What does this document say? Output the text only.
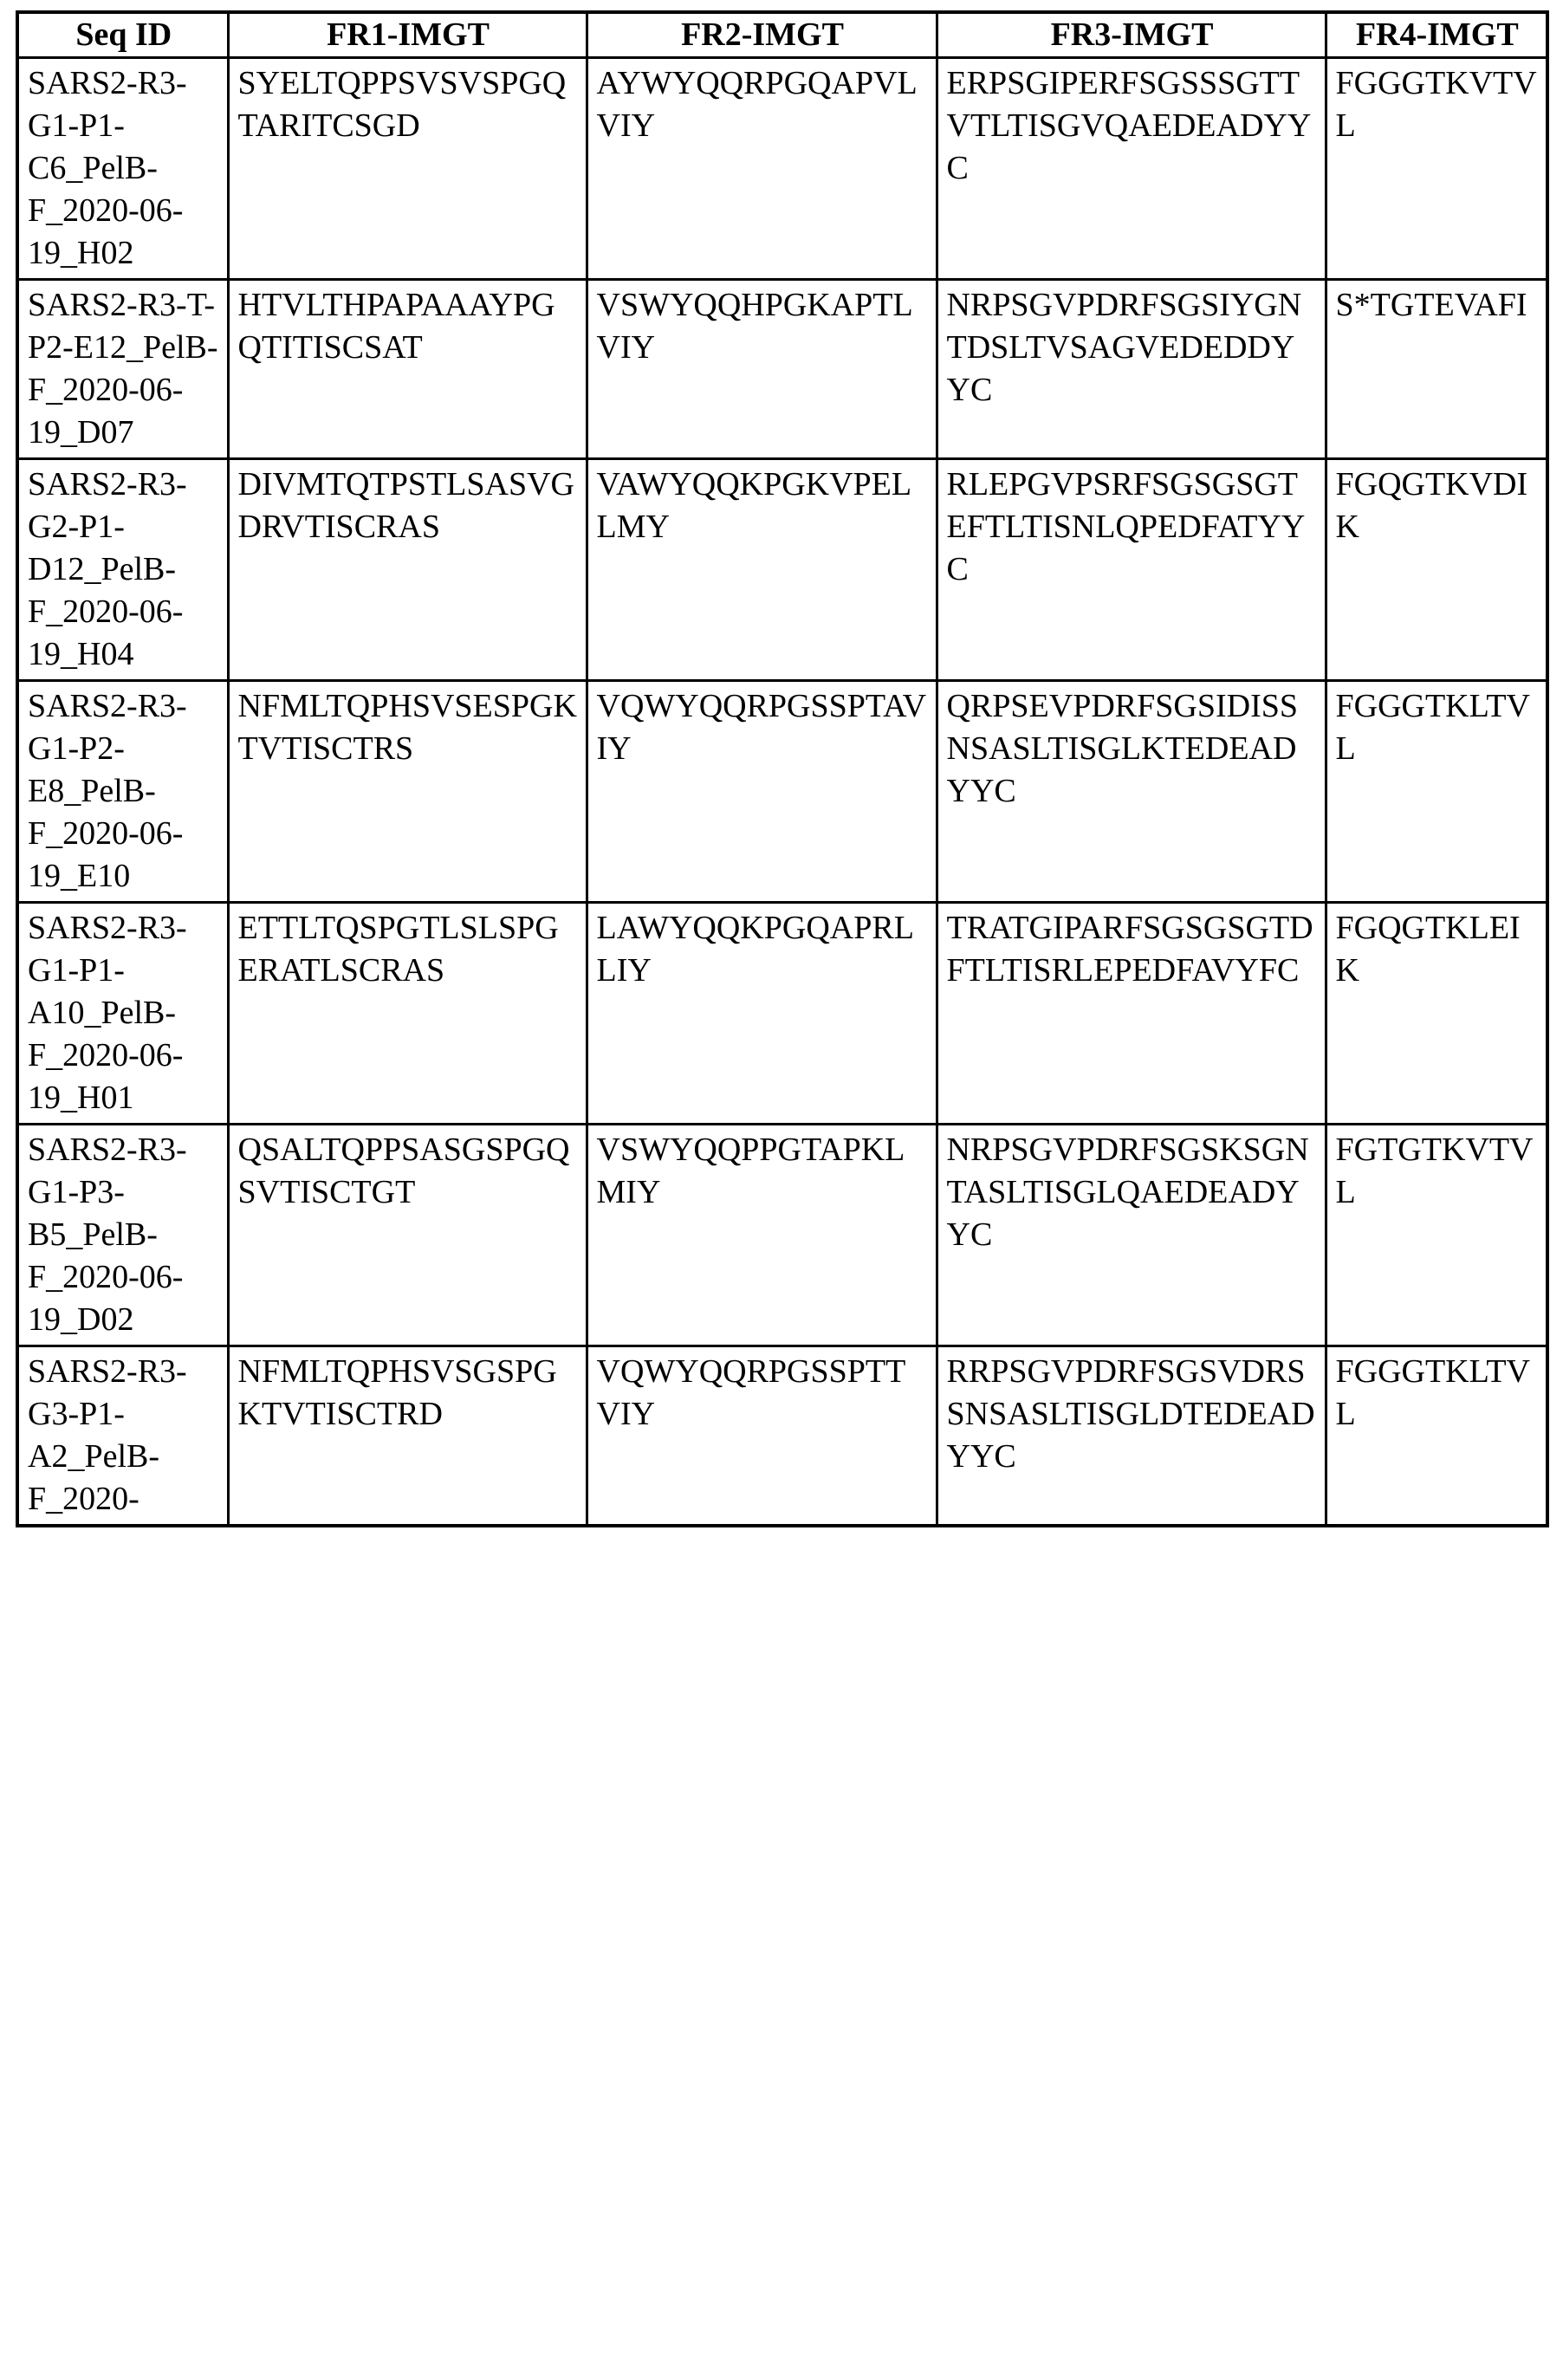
Seq ID	FR1-IMGT	FR2-IMGT	FR3-IMGT	FR4-IMGT
SARS2-R3-G1-P1-C6_PelB-F_2020-06-19_H02	SYELTQPPSVSVSPGQTARITCSGD	AYWYQQRPGQAPVLVIY	ERPSGIPERFSGSSSGTTVTLTISGVQAEDEADYYC	FGGGTKVTVL
SARS2-R3-T-P2-E12_PelB-F_2020-06-19_D07	HTVLTHPAPAAAYPGQTITISCSAT	VSWYQQHPGKAPTLVIY	NRPSGVPDRFSGSIYGNTDSLTVSAGVEDEDDYYC	S*TGTEVAFI
SARS2-R3-G2-P1-D12_PelB-F_2020-06-19_H04	DIVMTQTPSTLSASVGDRVTISCRAS	VAWYQQKPGKVPELLMY	RLEPGVPSRFSGSGSGTEFTLTISNLQPEDFATYYC	FGQGTKVDIK
SARS2-R3-G1-P2-E8_PelB-F_2020-06-19_E10	NFMLTQPHSVSESPGKTVTISCTRS	VQWYQQRPGSSPTAVIY	QRPSEVPDRFSGSIDISSNSASLTISGLKTEDEADYYC	FGGGTKLTVL
SARS2-R3-G1-P1-A10_PelB-F_2020-06-19_H01	ETTLTQSPGTLSLSPGERATLSCRAS	LAWYQQKPGQAPRLLIY	TRATGIPARFSGSGSGTDFTLTISRLEPEDFAVYFC	FGQGTKLEIK
SARS2-R3-G1-P3-B5_PelB-F_2020-06-19_D02	QSALTQPPSASGSPGQSVTISCTGT	VSWYQQPPGTAPKLMIY	NRPSGVPDRFSGSKSGNTASLTISGLQAEDEADYYC	FGTGTKVTVL
SARS2-R3-G3-P1-A2_PelB-F_2020-	NFMLTQPHSVSGSPGKTVTISCTRD	VQWYQQRPGSSPTTVIY	RRPSGVPDRFSGSVDRSSNSASLTISGLDTEDEADYYC	FGGGTKLTVL
